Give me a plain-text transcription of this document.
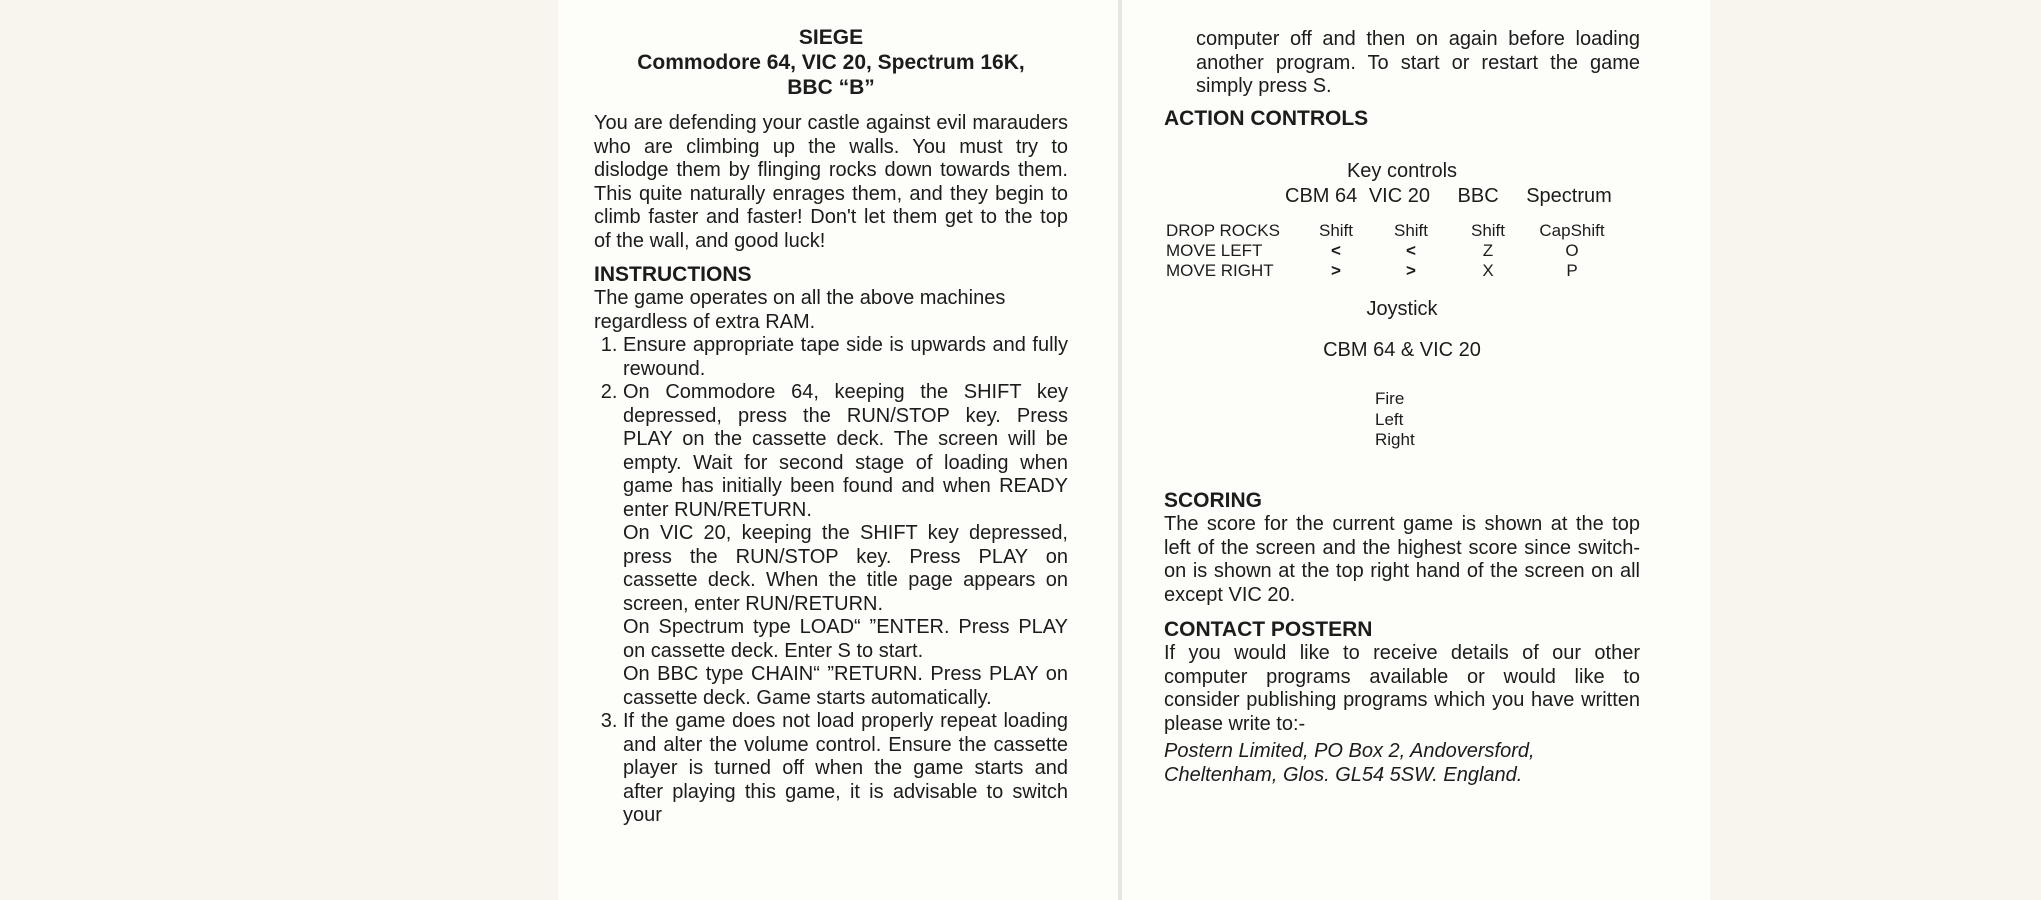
SIEGE
Commodore 64, VIC 20, Spectrum 16K,
BBC “B”

You are defending your castle against evil marauders who are climbing up the walls. You must try to dislodge them by flinging rocks down towards them. This quite naturally enrages them, and they begin to climb faster and faster! Don't let them get to the top of the wall, and good luck!

INSTRUCTIONS

The game operates on all the above machines regardless of extra RAM.

1. Ensure appropriate tape side is upwards and fully rewound.
2. On Commodore 64, keeping the SHIFT key depressed, press the RUN/STOP key. Press PLAY on the cassette deck. The screen will be empty. Wait for second stage of loading when game has initially been found and when READY enter RUN/RETURN.
On VIC 20, keeping the SHIFT key depressed, press the RUN/STOP key. Press PLAY on cassette deck. When the title page appears on screen, enter RUN/RETURN.
On Spectrum type LOAD“ ”ENTER. Press PLAY on cassette deck. Enter S to start.
On BBC type CHAIN“ ”RETURN. Press PLAY on cassette deck. Game starts automatically.
3. If the game does not load properly repeat loading and alter the volume control. Ensure the cassette player is turned off when the game starts and after playing this game, it is advisable to switch your

computer off and then on again before loading another program. To start or restart the game simply press S.

ACTION CONTROLS
Key controls
CBM 64 VIC 20 BBC Spectrum
DROP ROCKS	Shift	Shift	Shift	CapShift
MOVE LEFT	<	<	Z	O
MOVE RIGHT	>	>	X	P
Joystick
CBM 64 & VIC 20
Fire
Left
Right
SCORING

The score for the current game is shown at the top left of the screen and the highest score since switch-on is shown at the top right hand of the screen on all except VIC 20.

CONTACT POSTERN

If you would like to receive details of our other computer programs available or would like to consider publishing programs which you have written please write to:-

Postern Limited, PO Box 2, Andoversford,

Cheltenham, Glos. GL54 5SW. England.
